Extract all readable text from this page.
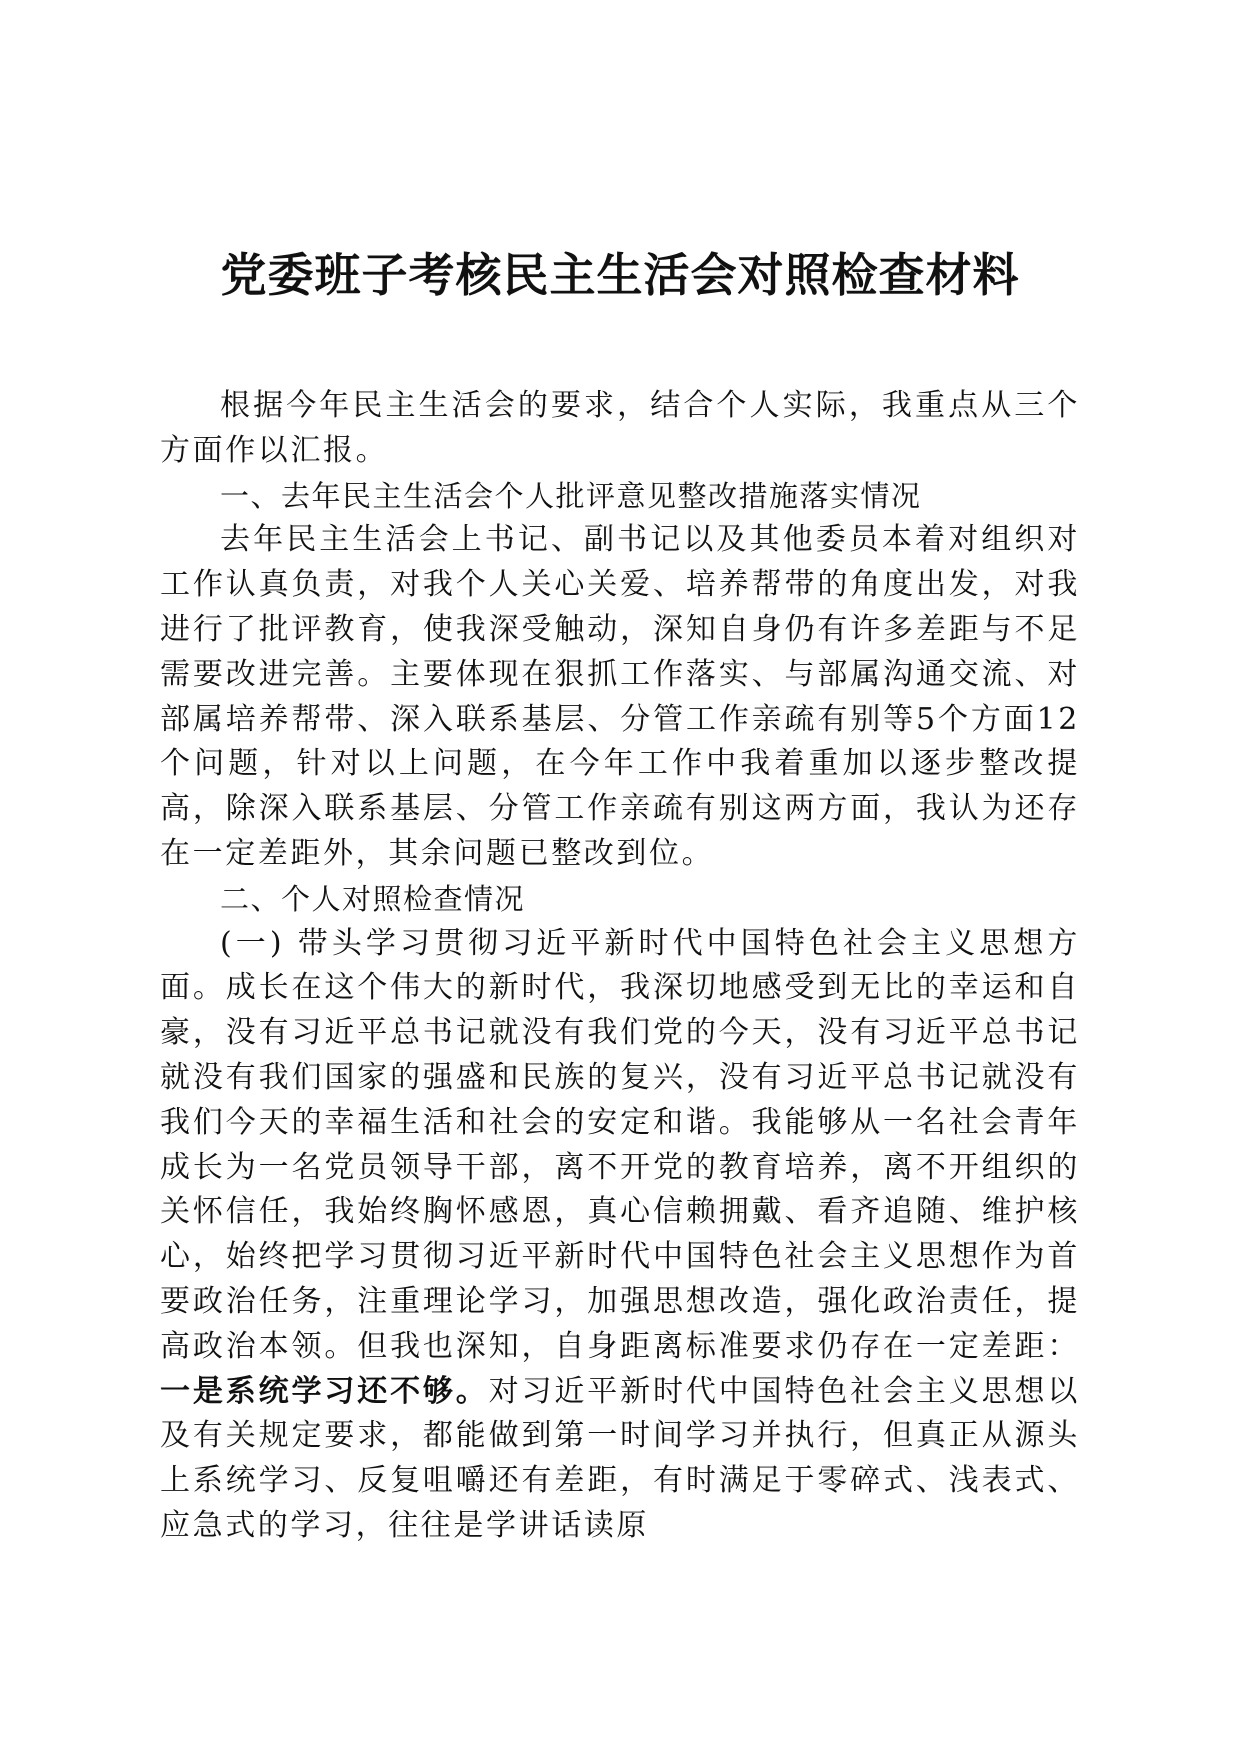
党委班子考核民主生活会对照检查材料

根据今年民主生活会的要求，结合个人实际，我重点从三个方面作以汇报。

一、去年民主生活会个人批评意见整改措施落实情况

去年民主生活会上书记、副书记以及其他委员本着对组织对工作认真负责，对我个人关心关爱、培养帮带的角度出发，对我进行了批评教育，使我深受触动，深知自身仍有许多差距与不足需要改进完善。主要体现在狠抓工作落实、与部属沟通交流、对部属培养帮带、深入联系基层、分管工作亲疏有别等5个方面12个问题，针对以上问题，在今年工作中我着重加以逐步整改提高，除深入联系基层、分管工作亲疏有别这两方面，我认为还存在一定差距外，其余问题已整改到位。

二、个人对照检查情况

(一) 带头学习贯彻习近平新时代中国特色社会主义思想方面。成长在这个伟大的新时代，我深切地感受到无比的幸运和自豪，没有习近平总书记就没有我们党的今天，没有习近平总书记就没有我们国家的强盛和民族的复兴，没有习近平总书记就没有我们今天的幸福生活和社会的安定和谐。我能够从一名社会青年成长为一名党员领导干部，离不开党的教育培养，离不开组织的关怀信任，我始终胸怀感恩，真心信赖拥戴、看齐追随、维护核心，始终把学习贯彻习近平新时代中国特色社会主义思想作为首要政治任务，注重理论学习，加强思想改造，强化政治责任，提高政治本领。但我也深知，自身距离标准要求仍存在一定差距：一是系统学习还不够。对习近平新时代中国特色社会主义思想以及有关规定要求，都能做到第一时间学习并执行，但真正从源头上系统学习、反复咀嚼还有差距，有时满足于零碎式、浅表式、应急式的学习，往往是学讲话读原
